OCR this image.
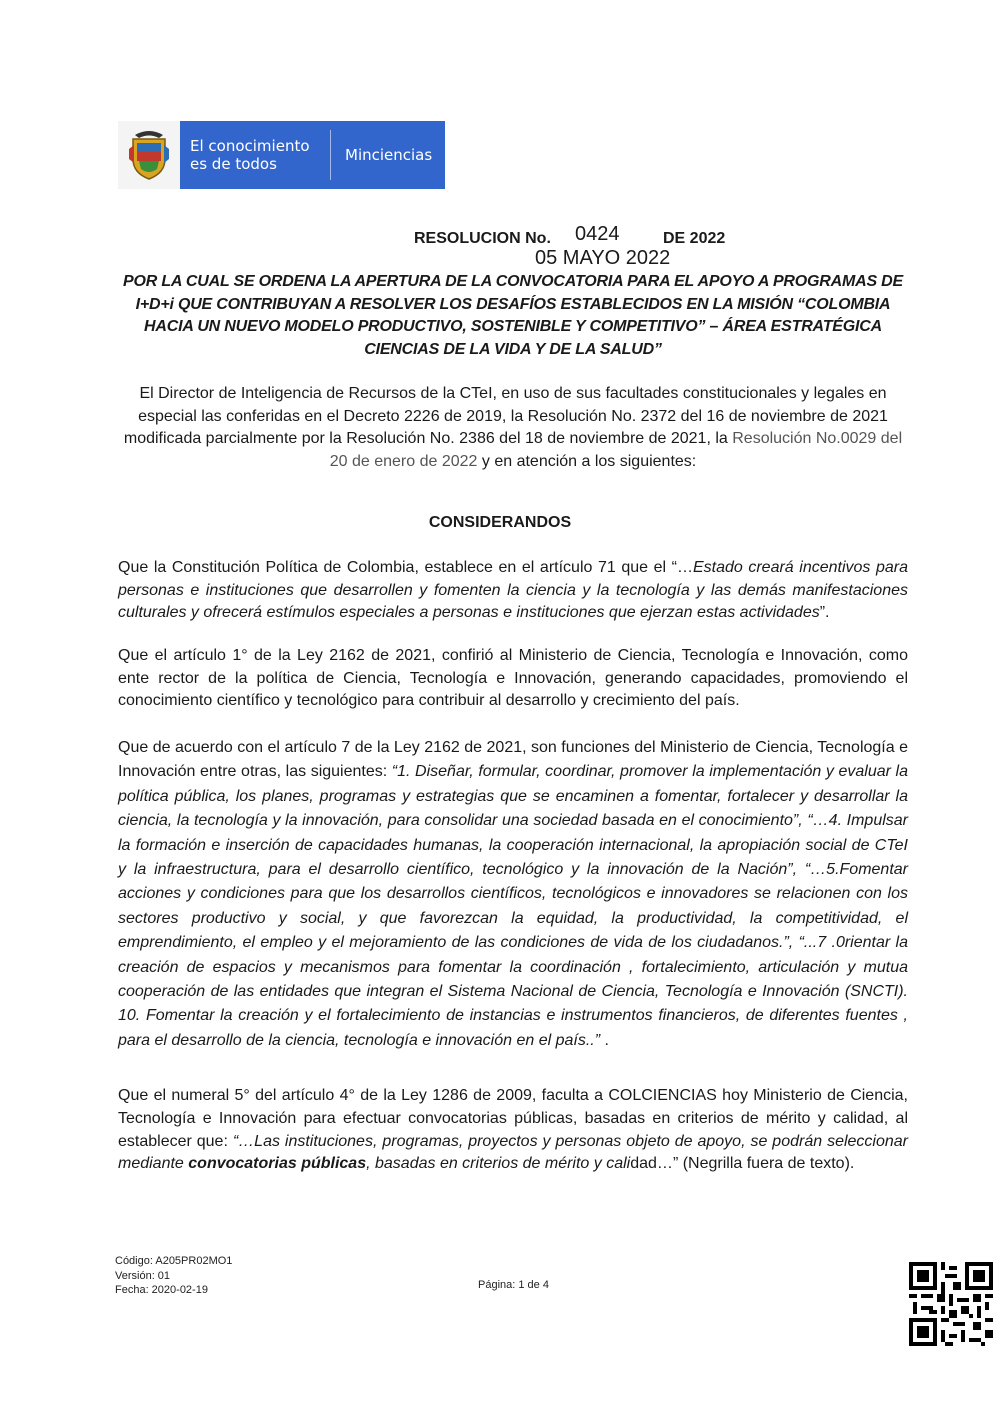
El conocimiento
es de todos	Minciencias
RESOLUCION No. 0424	DE 2022
05 MAYO 2022
POR LA CUAL SE ORDENA LA APERTURA DE LA CONVOCATORIA PARA EL APOYO A PROGRAMAS DE I+D+i QUE CONTRIBUYAN A RESOLVER LOS DESAFÍOS ESTABLECIDOS EN LA MISIÓN “COLOMBIA HACIA UN NUEVO MODELO PRODUCTIVO, SOSTENIBLE Y COMPETITIVO” – ÁREA ESTRATÉGICA CIENCIAS DE LA VIDA Y DE LA SALUD”
El Director de Inteligencia de Recursos de la CTeI, en uso de sus facultades constitucionales y legales en especial las conferidas en el Decreto 2226 de 2019, la Resolución No. 2372 del 16 de noviembre de 2021 modificada parcialmente por la Resolución No. 2386 del 18 de noviembre de 2021, la Resolución No.0029 del 20 de enero de 2022 y en atención a los siguientes:
CONSIDERANDOS
Que la Constitución Política de Colombia, establece en el artículo 71 que el “…Estado creará incentivos para personas e instituciones que desarrollen y fomenten la ciencia y la tecnología y las demás manifestaciones culturales y ofrecerá estímulos especiales a personas e instituciones que ejerzan estas actividades”.
Que el artículo 1° de la Ley 2162 de 2021, confirió al Ministerio de Ciencia, Tecnología e Innovación, como ente rector de la política de Ciencia, Tecnología e Innovación, generando capacidades, promoviendo el conocimiento científico y tecnológico para contribuir al desarrollo y crecimiento del país.
Que de acuerdo con el artículo 7 de la Ley 2162 de 2021, son funciones del Ministerio de Ciencia, Tecnología e Innovación entre otras, las siguientes: “1. Diseñar, formular, coordinar, promover la implementación y evaluar la política pública, los planes, programas y estrategias que se encaminen a fomentar, fortalecer y desarrollar la ciencia, la tecnología y la innovación, para consolidar una sociedad basada en el conocimiento”, “…4. Impulsar la formación e inserción de capacidades humanas, la cooperación internacional, la apropiación social de CTeI y la infraestructura, para el desarrollo científico, tecnológico y la innovación de la Nación”, “…5.Fomentar acciones y condiciones para que los desarrollos científicos, tecnológicos e innovadores se relacionen con los sectores productivo y social, y que favorezcan la equidad, la productividad, la competitividad, el emprendimiento, el empleo y el mejoramiento de las condiciones de vida de los ciudadanos.”, “...7 .0rientar la creación de espacios y mecanismos para fomentar la coordinación , fortalecimiento, articulación y mutua cooperación de las entidades que integran el Sistema Nacional de Ciencia, Tecnología e Innovación (SNCTI). 10. Fomentar la creación y el fortalecimiento de instancias e instrumentos financieros, de diferentes fuentes , para el desarrollo de la ciencia, tecnología e innovación en el país..” .
Que el numeral 5° del artículo 4° de la Ley 1286 de 2009, faculta a COLCIENCIAS hoy Ministerio de Ciencia, Tecnología e Innovación para efectuar convocatorias públicas, basadas en criterios de mérito y calidad, al establecer que: “…Las instituciones, programas, proyectos y personas objeto de apoyo, se podrán seleccionar mediante convocatorias públicas, basadas en criterios de mérito y calidad…” (Negrilla fuera de texto).
Código: A205PR02MO1
Versión: 01
Fecha: 2020-02-19	Página: 1 de 4
